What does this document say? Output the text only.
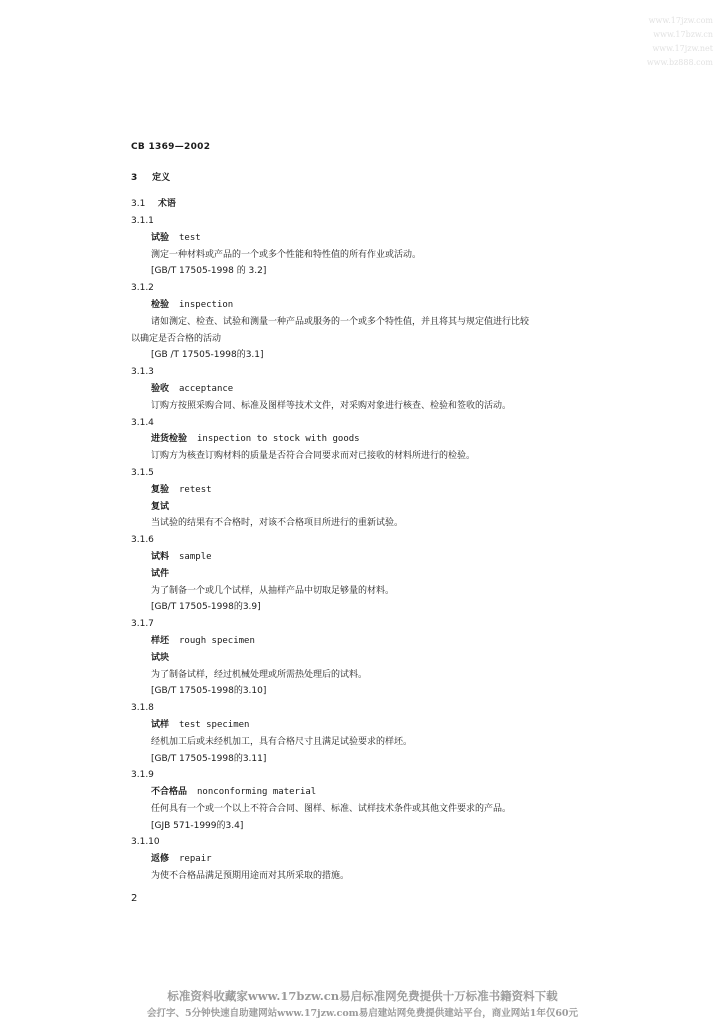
www.17jzw.com
www.17bzw.cn
www.17jzw.net
www.bz888.com
CB 1369—2002
3 定义
3.1 术语
3.1.1
试验 test
测定一种材料或产品的一个或多个性能和特性值的所有作业或活动。
[GB/T 17505-1998 的 3.2]
3.1.2
检验 inspection
诸如测定、检查、试验和测量一种产品或服务的一个或多个特性值，并且将其与规定值进行比较
以确定是否合格的活动
[GB /T 17505-1998的3.1]
3.1.3
验收 acceptance
订购方按照采购合同、标准及图样等技术文件，对采购对象进行核查、检验和签收的活动。
3.1.4
进货检验 inspection to stock with goods
订购方为核查订购材料的质量是否符合合同要求而对已接收的材料所进行的检验。
3.1.5
复验 retest
复试
当试验的结果有不合格时，对该不合格项目所进行的重新试验。
3.1.6
试料 sample
试件
为了制备一个或几个试样，从抽样产品中切取足够量的材料。
[GB/T 17505-1998的3.9]
3.1.7
样坯 rough specimen
试块
为了制备试样，经过机械处理或所需热处理后的试料。
[GB/T 17505-1998的3.10]
3.1.8
试样 test specimen
经机加工后或未经机加工，具有合格尺寸且满足试验要求的样坯。
[GB/T 17505-1998的3.11]
3.1.9
不合格品 nonconforming material
任何具有一个或一个以上不符合合同、图样、标准、试样技术条件或其他文件要求的产品。
[GJB 571-1999的3.4]
3.1.10
返修 repair
为使不合格品满足预期用途而对其所采取的措施。
2
标准资料收藏家www.17bzw.cn易启标准网免费提供十万标准书籍资料下载
会打字、5分钟快速自助建网站www.17jzw.com易启建站网免费提供建站平台，商业网站1年仅60元
